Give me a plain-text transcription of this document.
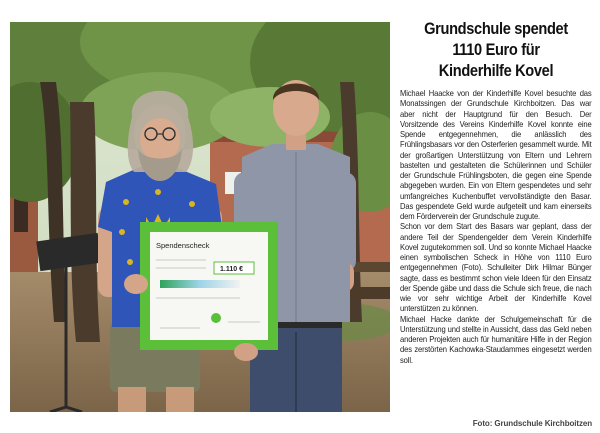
Spendenscheck
1.110 €
Grundschule spendet
1110 Euro für
Kinderhilfe Kovel

Michael Haacke von der Kinderhilfe Kovel besuchte das Monatssingen der Grundschule Kirchboitzen. Das war aber nicht der Hauptgrund für den Besuch. Der Vorsitzende des Vereins Kinderhilfe Kovel konnte eine Spende entgegennehmen, die anlässlich des Frühlingsbasars vor den Osterferien gesammelt wurde. Mit der großartigen Unterstützung von Eltern und Lehrern bastelten und gestalteten die Schülerinnen und Schüler der Grundschule Frühlingsboten, die gegen eine Spende abgegeben wurden. Ein von Eltern gespendetes und sehr umfangreiches Kuchenbuffet vervollständigte den Basar. Das gespendete Geld wurde aufgeteilt und kam einerseits dem Förderverein der Grundschule zugute.

Schon vor dem Start des Basars war geplant, dass der andere Teil der Spendengelder dem Verein Kinderhilfe Kovel zugutekommen soll. Und so konnte Michael Haacke einen symbolischen Scheck in Höhe von 1110 Euro entgegennehmen (Foto). Schulleiter Dirk Hilmar Bünger sagte, dass es bestimmt schon viele Ideen für den Einsatz der Spende gäbe und dass die Schule sich freue, die nach wie vor sehr wichtige Arbeit der Kinderhilfe Kovel unterstützen zu können.

Michael Hacke dankte der Schulgemeinschaft für die Unterstützung und stellte in Aussicht, dass das Geld neben anderen Projekten auch für humanitäre Hilfe in der Region des zerstörten Kachowka-Staudammes eingesetzt werden soll.

Foto: Grundschule Kirchboitzen
